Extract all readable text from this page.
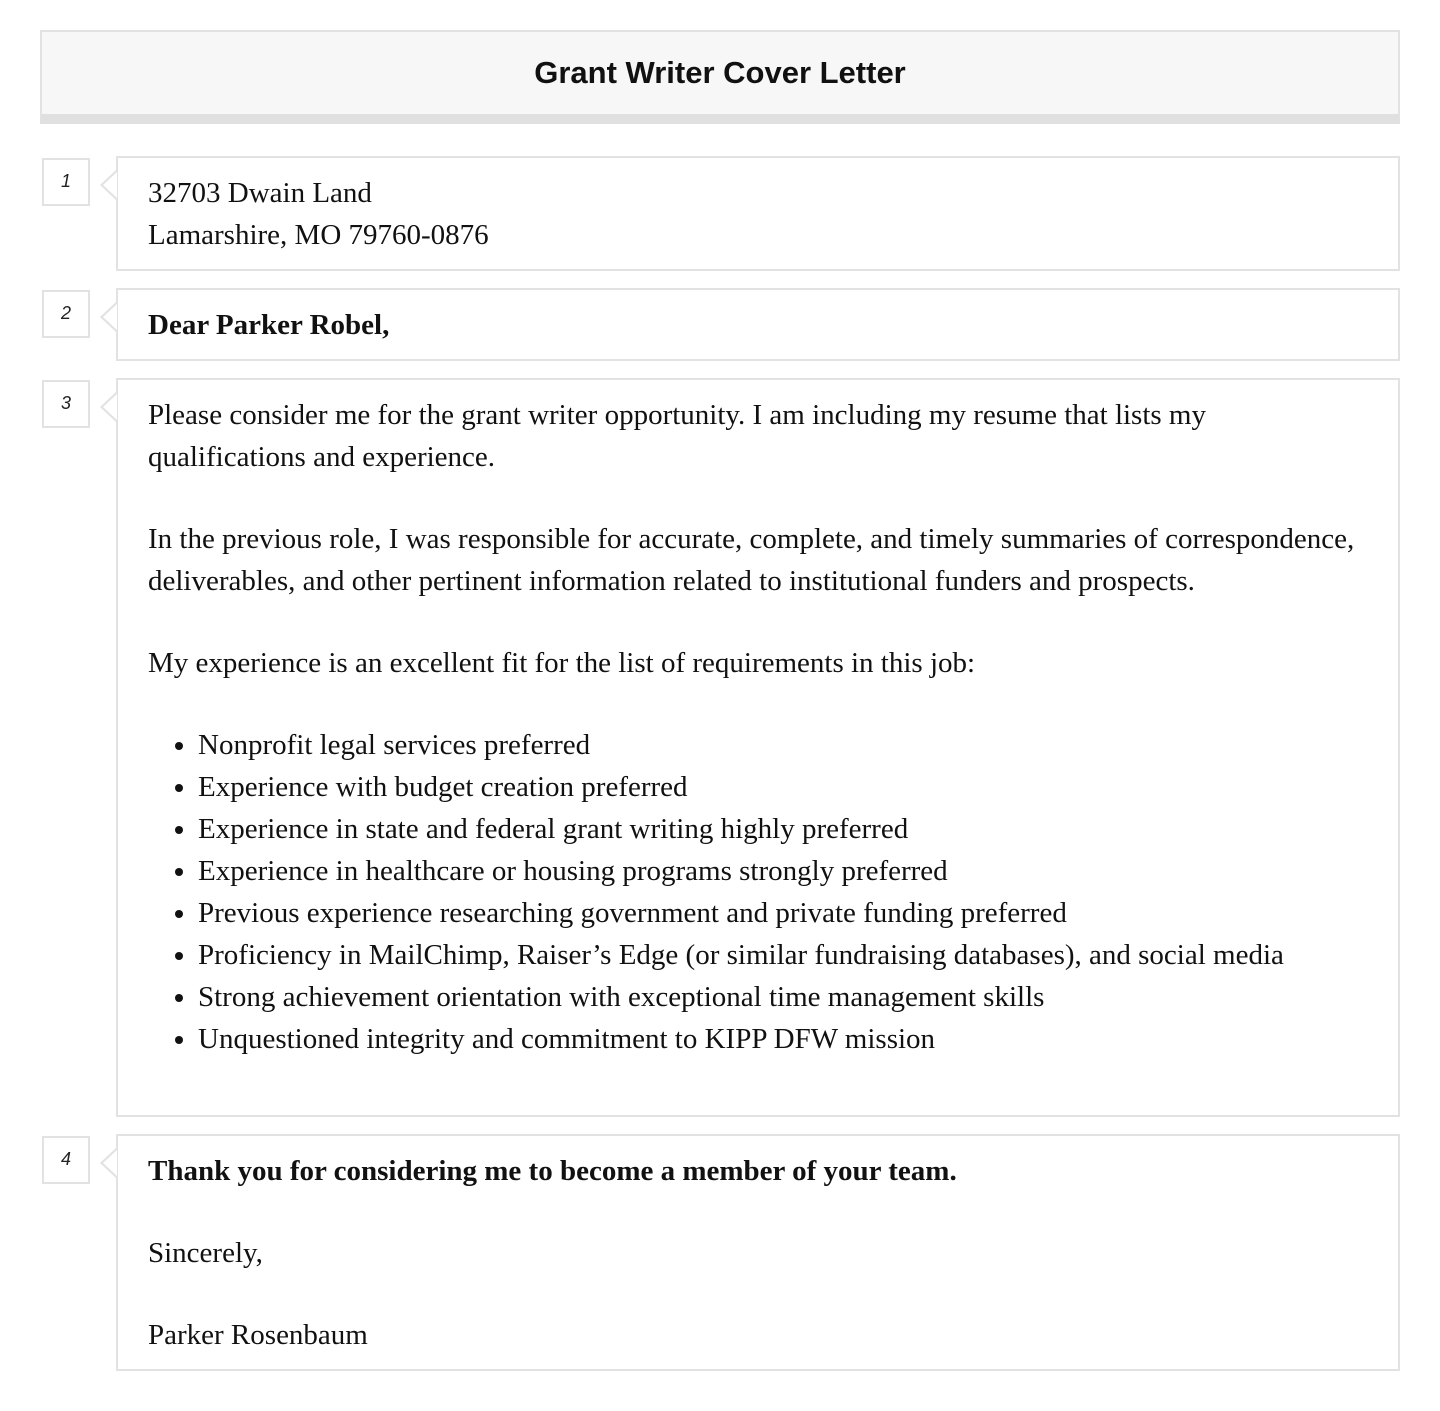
Grant Writer Cover Letter
1	32703 Dwain Land

Lamarshire, MO 79760-0876

2	Dear Parker Robel,

3	Please consider me for the grant writer opportunity. I am including my resume that lists my qualifications and experience.

In the previous role, I was responsible for accurate, complete, and timely summaries of correspondence, deliverables, and other pertinent information related to institutional funders and prospects.

My experience is an excellent fit for the list of requirements in this job:

• Nonprofit legal services preferred
• Experience with budget creation preferred
• Experience in state and federal grant writing highly preferred
• Experience in healthcare or housing programs strongly preferred
• Previous experience researching government and private funding preferred
• Proficiency in MailChimp, Raiser’s Edge (or similar fundraising databases), and social media
• Strong achievement orientation with exceptional time management skills
• Unquestioned integrity and commitment to KIPP DFW mission
4	Thank you for considering me to become a member of your team.

Sincerely,

Parker Rosenbaum
